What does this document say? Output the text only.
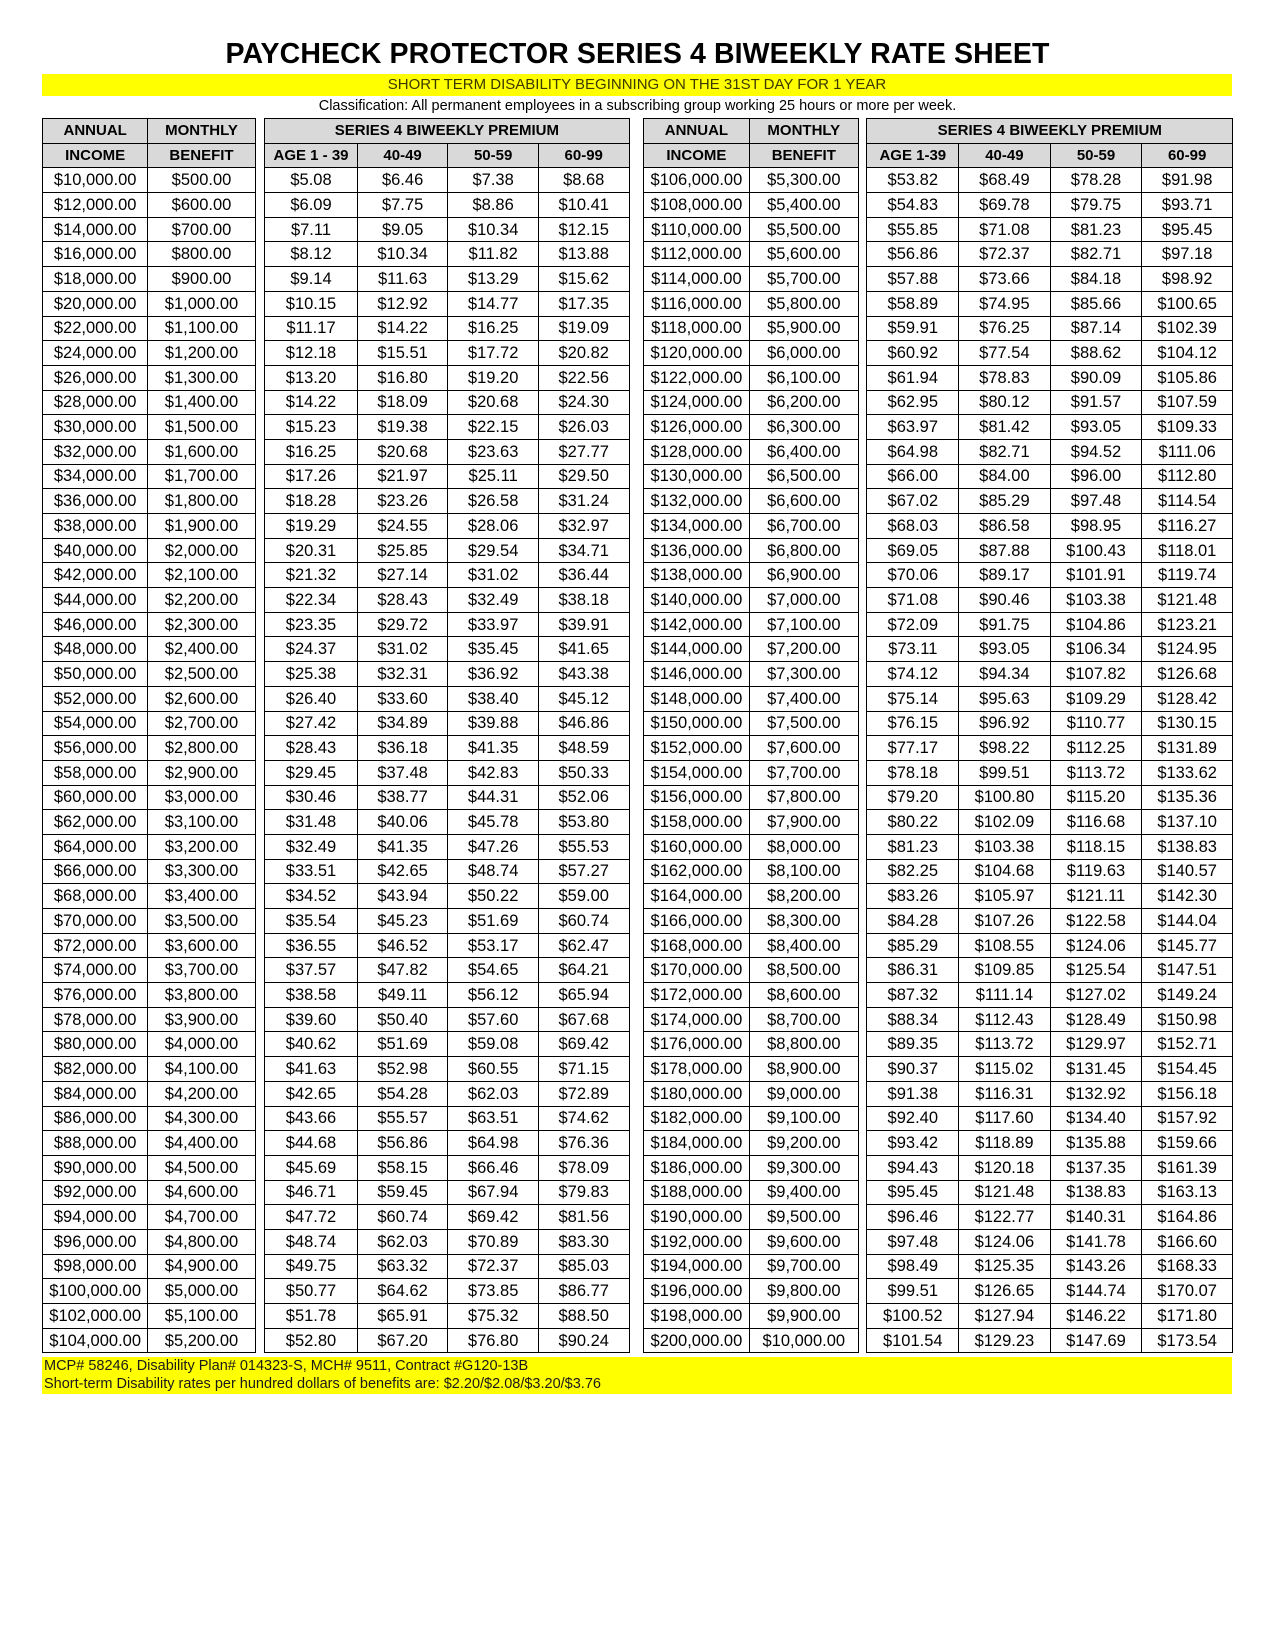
PAYCHECK PROTECTOR SERIES 4 BIWEEKLY RATE SHEET
SHORT TERM DISABILITY BEGINNING ON THE 31ST DAY FOR 1 YEAR
Classification: All permanent employees in a subscribing group working 25 hours or more per week.
ANNUAL	MONTHLY		SERIES 4 BIWEEKLY PREMIUM					ANNUAL	MONTHLY		SERIES 4 BIWEEKLY PREMIUM			
INCOME	BENEFIT		AGE 1 - 39	40-49	50-59	60-99		INCOME	BENEFIT		AGE 1-39	40-49	50-59	60-99
$10,000.00	$500.00		$5.08	$6.46	$7.38	$8.68		$106,000.00	$5,300.00		$53.82	$68.49	$78.28	$91.98
$12,000.00	$600.00		$6.09	$7.75	$8.86	$10.41		$108,000.00	$5,400.00		$54.83	$69.78	$79.75	$93.71
$14,000.00	$700.00		$7.11	$9.05	$10.34	$12.15		$110,000.00	$5,500.00		$55.85	$71.08	$81.23	$95.45
$16,000.00	$800.00		$8.12	$10.34	$11.82	$13.88		$112,000.00	$5,600.00		$56.86	$72.37	$82.71	$97.18
$18,000.00	$900.00		$9.14	$11.63	$13.29	$15.62		$114,000.00	$5,700.00		$57.88	$73.66	$84.18	$98.92
$20,000.00	$1,000.00		$10.15	$12.92	$14.77	$17.35		$116,000.00	$5,800.00		$58.89	$74.95	$85.66	$100.65
$22,000.00	$1,100.00		$11.17	$14.22	$16.25	$19.09		$118,000.00	$5,900.00		$59.91	$76.25	$87.14	$102.39
$24,000.00	$1,200.00		$12.18	$15.51	$17.72	$20.82		$120,000.00	$6,000.00		$60.92	$77.54	$88.62	$104.12
$26,000.00	$1,300.00		$13.20	$16.80	$19.20	$22.56		$122,000.00	$6,100.00		$61.94	$78.83	$90.09	$105.86
$28,000.00	$1,400.00		$14.22	$18.09	$20.68	$24.30		$124,000.00	$6,200.00		$62.95	$80.12	$91.57	$107.59
$30,000.00	$1,500.00		$15.23	$19.38	$22.15	$26.03		$126,000.00	$6,300.00		$63.97	$81.42	$93.05	$109.33
$32,000.00	$1,600.00		$16.25	$20.68	$23.63	$27.77		$128,000.00	$6,400.00		$64.98	$82.71	$94.52	$111.06
$34,000.00	$1,700.00		$17.26	$21.97	$25.11	$29.50		$130,000.00	$6,500.00		$66.00	$84.00	$96.00	$112.80
$36,000.00	$1,800.00		$18.28	$23.26	$26.58	$31.24		$132,000.00	$6,600.00		$67.02	$85.29	$97.48	$114.54
$38,000.00	$1,900.00		$19.29	$24.55	$28.06	$32.97		$134,000.00	$6,700.00		$68.03	$86.58	$98.95	$116.27
$40,000.00	$2,000.00		$20.31	$25.85	$29.54	$34.71		$136,000.00	$6,800.00		$69.05	$87.88	$100.43	$118.01
$42,000.00	$2,100.00		$21.32	$27.14	$31.02	$36.44		$138,000.00	$6,900.00		$70.06	$89.17	$101.91	$119.74
$44,000.00	$2,200.00		$22.34	$28.43	$32.49	$38.18		$140,000.00	$7,000.00		$71.08	$90.46	$103.38	$121.48
$46,000.00	$2,300.00		$23.35	$29.72	$33.97	$39.91		$142,000.00	$7,100.00		$72.09	$91.75	$104.86	$123.21
$48,000.00	$2,400.00		$24.37	$31.02	$35.45	$41.65		$144,000.00	$7,200.00		$73.11	$93.05	$106.34	$124.95
$50,000.00	$2,500.00		$25.38	$32.31	$36.92	$43.38		$146,000.00	$7,300.00		$74.12	$94.34	$107.82	$126.68
$52,000.00	$2,600.00		$26.40	$33.60	$38.40	$45.12		$148,000.00	$7,400.00		$75.14	$95.63	$109.29	$128.42
$54,000.00	$2,700.00		$27.42	$34.89	$39.88	$46.86		$150,000.00	$7,500.00		$76.15	$96.92	$110.77	$130.15
$56,000.00	$2,800.00		$28.43	$36.18	$41.35	$48.59		$152,000.00	$7,600.00		$77.17	$98.22	$112.25	$131.89
$58,000.00	$2,900.00		$29.45	$37.48	$42.83	$50.33		$154,000.00	$7,700.00		$78.18	$99.51	$113.72	$133.62
$60,000.00	$3,000.00		$30.46	$38.77	$44.31	$52.06		$156,000.00	$7,800.00		$79.20	$100.80	$115.20	$135.36
$62,000.00	$3,100.00		$31.48	$40.06	$45.78	$53.80		$158,000.00	$7,900.00		$80.22	$102.09	$116.68	$137.10
$64,000.00	$3,200.00		$32.49	$41.35	$47.26	$55.53		$160,000.00	$8,000.00		$81.23	$103.38	$118.15	$138.83
$66,000.00	$3,300.00		$33.51	$42.65	$48.74	$57.27		$162,000.00	$8,100.00		$82.25	$104.68	$119.63	$140.57
$68,000.00	$3,400.00		$34.52	$43.94	$50.22	$59.00		$164,000.00	$8,200.00		$83.26	$105.97	$121.11	$142.30
$70,000.00	$3,500.00		$35.54	$45.23	$51.69	$60.74		$166,000.00	$8,300.00		$84.28	$107.26	$122.58	$144.04
$72,000.00	$3,600.00		$36.55	$46.52	$53.17	$62.47		$168,000.00	$8,400.00		$85.29	$108.55	$124.06	$145.77
$74,000.00	$3,700.00		$37.57	$47.82	$54.65	$64.21		$170,000.00	$8,500.00		$86.31	$109.85	$125.54	$147.51
$76,000.00	$3,800.00		$38.58	$49.11	$56.12	$65.94		$172,000.00	$8,600.00		$87.32	$111.14	$127.02	$149.24
$78,000.00	$3,900.00		$39.60	$50.40	$57.60	$67.68		$174,000.00	$8,700.00		$88.34	$112.43	$128.49	$150.98
$80,000.00	$4,000.00		$40.62	$51.69	$59.08	$69.42		$176,000.00	$8,800.00		$89.35	$113.72	$129.97	$152.71
$82,000.00	$4,100.00		$41.63	$52.98	$60.55	$71.15		$178,000.00	$8,900.00		$90.37	$115.02	$131.45	$154.45
$84,000.00	$4,200.00		$42.65	$54.28	$62.03	$72.89		$180,000.00	$9,000.00		$91.38	$116.31	$132.92	$156.18
$86,000.00	$4,300.00		$43.66	$55.57	$63.51	$74.62		$182,000.00	$9,100.00		$92.40	$117.60	$134.40	$157.92
$88,000.00	$4,400.00		$44.68	$56.86	$64.98	$76.36		$184,000.00	$9,200.00		$93.42	$118.89	$135.88	$159.66
$90,000.00	$4,500.00		$45.69	$58.15	$66.46	$78.09		$186,000.00	$9,300.00		$94.43	$120.18	$137.35	$161.39
$92,000.00	$4,600.00		$46.71	$59.45	$67.94	$79.83		$188,000.00	$9,400.00		$95.45	$121.48	$138.83	$163.13
$94,000.00	$4,700.00		$47.72	$60.74	$69.42	$81.56		$190,000.00	$9,500.00		$96.46	$122.77	$140.31	$164.86
$96,000.00	$4,800.00		$48.74	$62.03	$70.89	$83.30		$192,000.00	$9,600.00		$97.48	$124.06	$141.78	$166.60
$98,000.00	$4,900.00		$49.75	$63.32	$72.37	$85.03		$194,000.00	$9,700.00		$98.49	$125.35	$143.26	$168.33
$100,000.00	$5,000.00		$50.77	$64.62	$73.85	$86.77		$196,000.00	$9,800.00		$99.51	$126.65	$144.74	$170.07
$102,000.00	$5,100.00		$51.78	$65.91	$75.32	$88.50		$198,000.00	$9,900.00		$100.52	$127.94	$146.22	$171.80
$104,000.00	$5,200.00		$52.80	$67.20	$76.80	$90.24		$200,000.00	$10,000.00		$101.54	$129.23	$147.69	$173.54
MCP# 58246, Disability Plan# 014323-S, MCH# 9511, Contract #G120-13B
Short-term Disability rates per hundred dollars of benefits are: $2.20/$2.08/$3.20/$3.76
